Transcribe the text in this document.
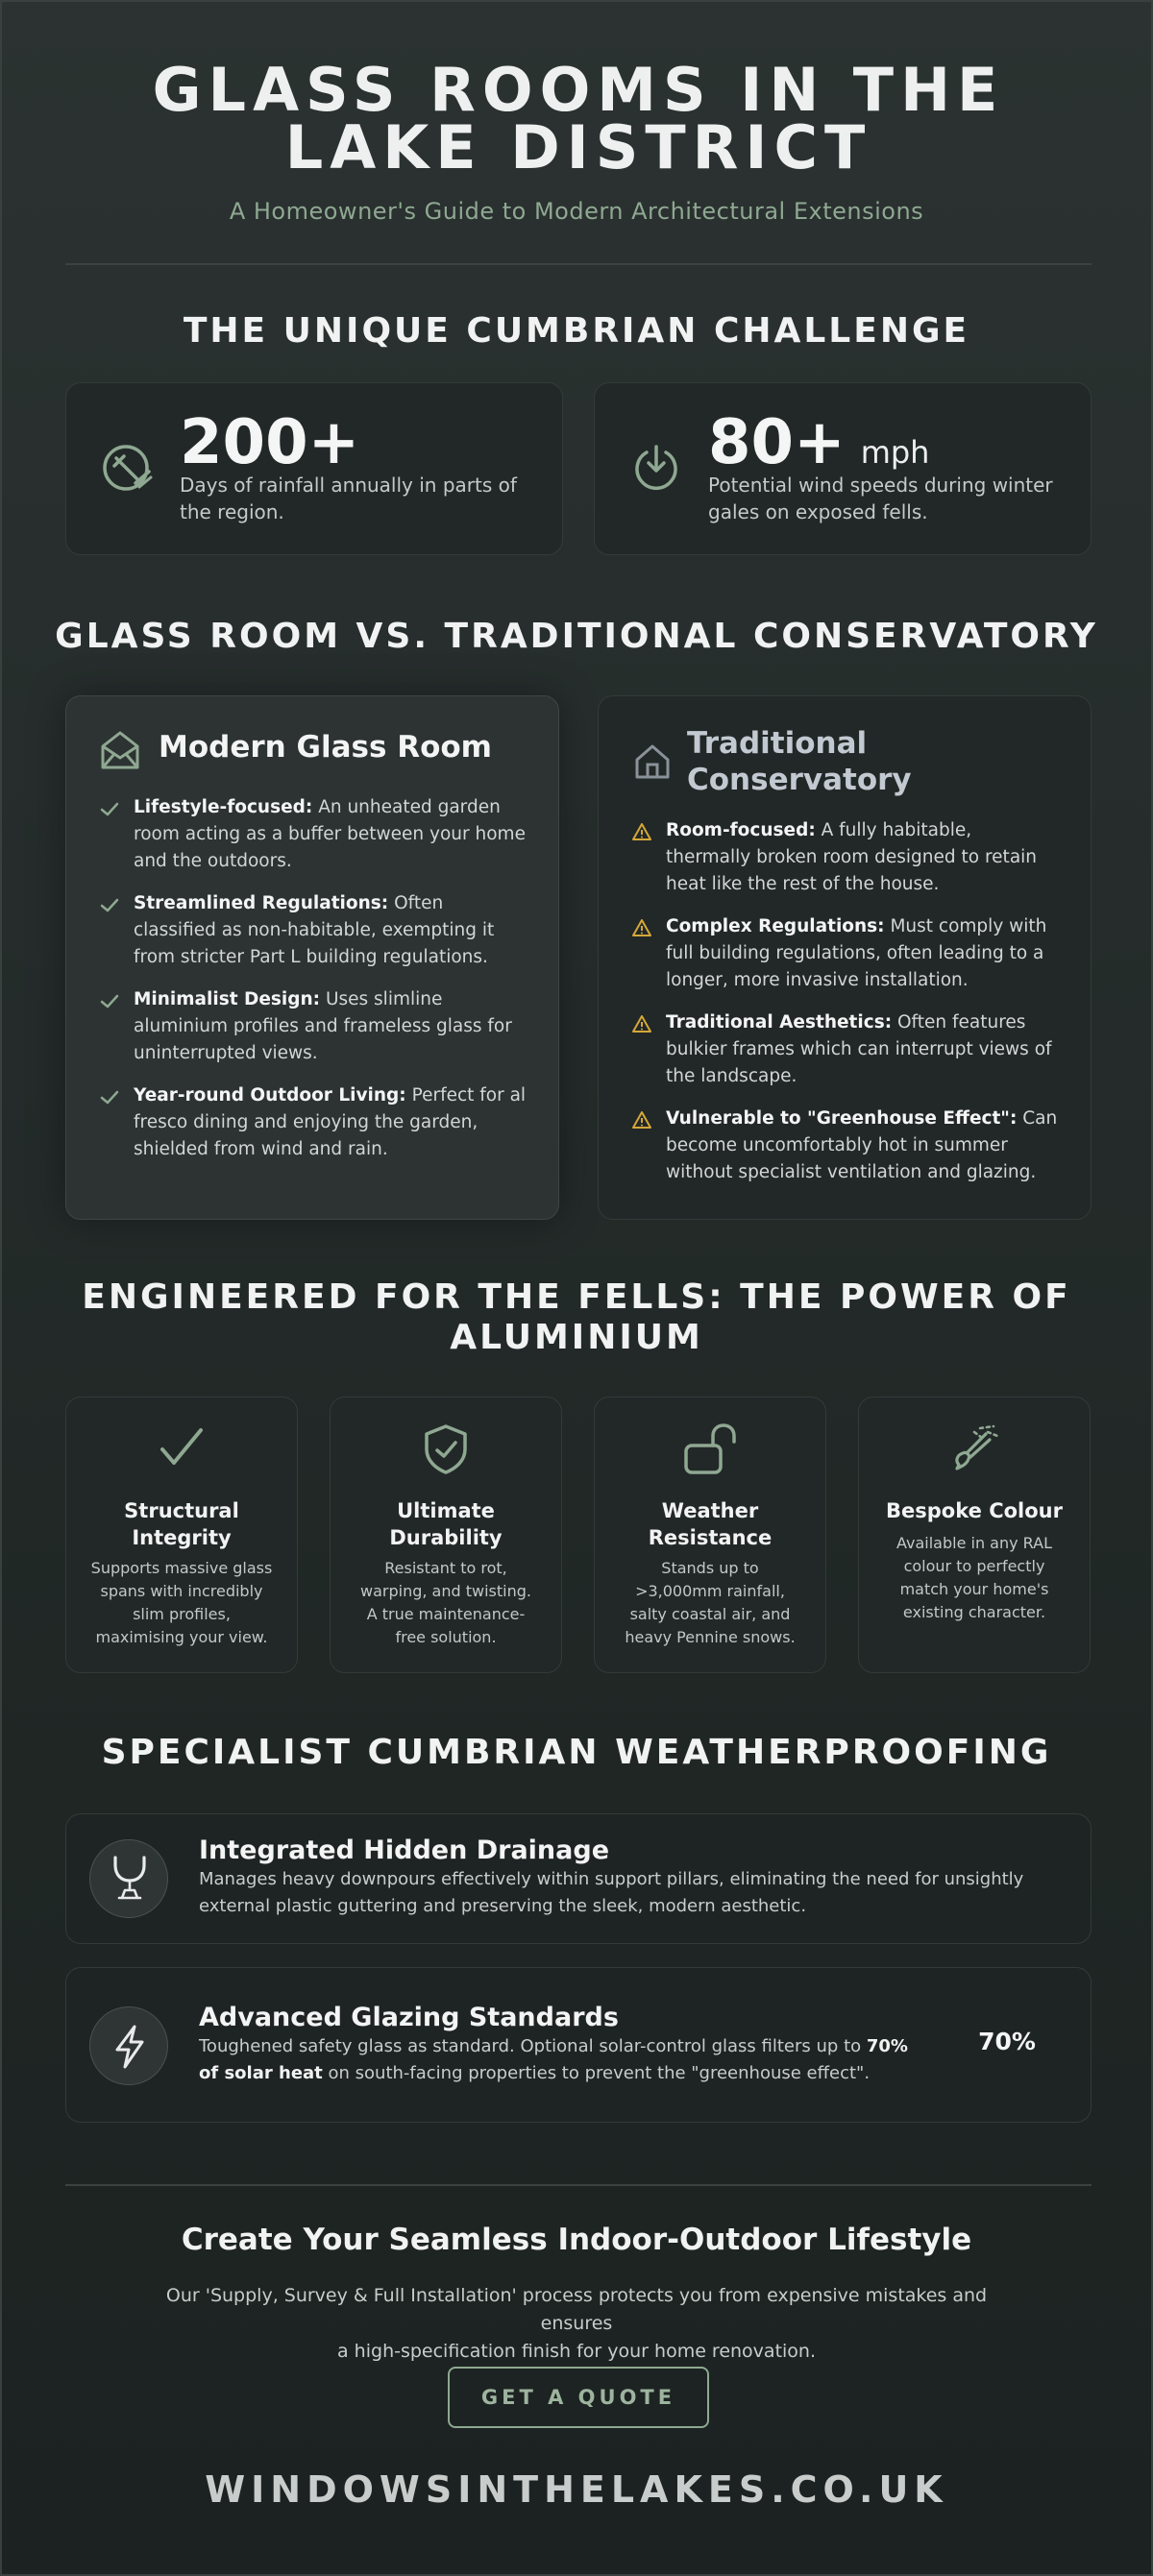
GLASS ROOMS IN THE LAKE DISTRICT
A Homeowner's Guide to Modern Architectural Extensions
THE UNIQUE CUMBRIAN CHALLENGE
200+
Days of rainfall annually in parts of the region.
80+ mph
Potential wind speeds during winter gales on exposed fells.
GLASS ROOM VS. TRADITIONAL CONSERVATORY
Modern Glass Room
Lifestyle-focused: An unheated garden room acting as a buffer between your home and the outdoors.
Streamlined Regulations: Often classified as non-habitable, exempting it from stricter Part L building regulations.
Minimalist Design: Uses slimline aluminium profiles and frameless glass for uninterrupted views.
Year-round Outdoor Living: Perfect for al fresco dining and enjoying the garden, shielded from wind and rain.
Traditional
Conservatory
Room-focused: A fully habitable, thermally broken room designed to retain heat like the rest of the house.
Complex Regulations: Must comply with full building regulations, often leading to a longer, more invasive installation.
Traditional Aesthetics: Often features bulkier frames which can interrupt views of the landscape.
Vulnerable to "Greenhouse Effect": Can become uncomfortably hot in summer without specialist ventilation and glazing.
ENGINEERED FOR THE FELLS: THE POWER OF
ALUMINIUM
Structural
Integrity
Supports massive glass
spans with incredibly
slim profiles,
maximising your view.
Ultimate
Durability
Resistant to rot,
warping, and twisting.
A true maintenance-
free solution.
Weather
Resistance
Stands up to
>3,000mm rainfall,
salty coastal air, and
heavy Pennine snows.
Bespoke Colour
Available in any RAL
colour to perfectly
match your home's
existing character.
SPECIALIST CUMBRIAN WEATHERPROOFING
Integrated Hidden Drainage
Manages heavy downpours effectively within support pillars, eliminating the need for unsightly
external plastic guttering and preserving the sleek, modern aesthetic.
Advanced Glazing Standards
Toughened safety glass as standard. Optional solar-control glass filters up to 70%
of solar heat on south-facing properties to prevent the "greenhouse effect".
70%
Create Your Seamless Indoor-Outdoor Lifestyle
Our 'Supply, Survey & Full Installation' process protects you from expensive mistakes and ensures
a high-specification finish for your home renovation.
GET A QUOTE
WINDOWSINTHELAKES.CO.UK
